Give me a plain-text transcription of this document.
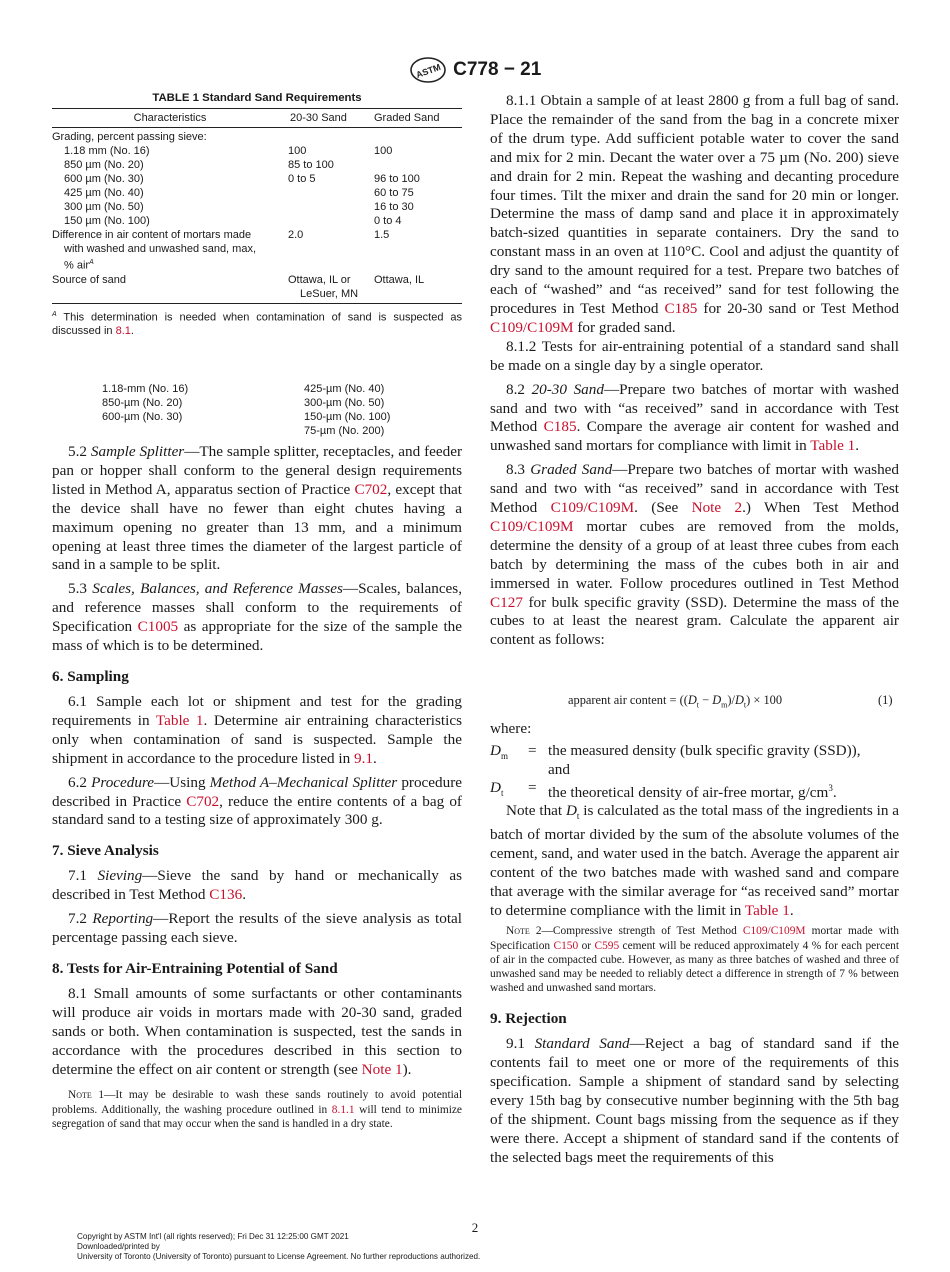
ASTM C778 − 21

TABLE 1 Standard Sand Requirements

Characteristics	20-30 Sand	Graded Sand
Grading, percent passing sieve:		
1.18 mm (No. 16)	100	100
850 µm (No. 20)	85 to 100	
600 µm (No. 30)	0 to 5	96 to 100
425 µm (No. 40)		60 to 75
300 µm (No. 50)		16 to 30
150 µm (No. 100)		0 to 4

Difference in air content of mortars made
with washed and unwashed sand, max,
% air$^A$	2.0	1.5
Source of sand	Ottawa, IL or
LeSuer, MN	Ottawa, IL

$^A$ This determination is needed when contamination of sand is suspected as discussed in 8.1.

1.18-mm (No. 16)
850-µm (No. 20)
600-µm (No. 30)
425-µm (No. 40)
300-µm (No. 50)
150-µm (No. 100)
75-µm (No. 200)

5.2 Sample Splitter—The sample splitter, receptacles, and feeder pan or hopper shall conform to the general design requirements listed in Method A, apparatus section of Practice C702, except that the device shall have no fewer than eight chutes having a maximum opening no greater than 13 mm, and a minimum opening at least three times the diameter of the largest particle of sand in a sample to be split.

5.3 Scales, Balances, and Reference Masses—Scales, balances, and reference masses shall conform to the requirements of Specification C1005 as appropriate for the size of the sample the mass of which is to be determined.

6. Sampling

6.1 Sample each lot or shipment and test for the grading requirements in Table 1. Determine air entraining characteristics only when contamination of sand is suspected. Sample the shipment in accordance to the procedure listed in 9.1.

6.2 Procedure—Using Method A–Mechanical Splitter procedure described in Practice C702, reduce the entire contents of a bag of standard sand to a testing size of approximately 300 g.

7. Sieve Analysis

7.1 Sieving—Sieve the sand by hand or mechanically as described in Test Method C136.

7.2 Reporting—Report the results of the sieve analysis as total percentage passing each sieve.

8. Tests for Air-Entraining Potential of Sand

8.1 Small amounts of some surfactants or other contaminants will produce air voids in mortars made with 20-30 sand, graded sands or both. When contamination is suspected, test the sands in accordance with the procedures described in this section to determine the effect on air content or strength (see Note 1).

Note 1—It may be desirable to wash these sands routinely to avoid potential problems. Additionally, the washing procedure outlined in 8.1.1 will tend to minimize segregation of sand that may occur when the sand is handled in a dry state.

8.1.1 Obtain a sample of at least 2800 g from a full bag of sand. Place the remainder of the sand from the bag in a concrete mixer of the drum type. Add sufficient potable water to cover the sand and mix for 2 min. Decant the water over a 75 µm (No. 200) sieve and drain for 2 min. Repeat the washing and decanting procedure four times. Tilt the mixer and drain the sand for 20 min or longer. Determine the mass of damp sand and place it in approximately batch-sized quantities in separate containers. Dry the sand to constant mass in an oven at 110°C. Cool and adjust the quantity of dry sand to the amount required for a test. Prepare two batches of each of “washed” and “as received” sand for test following the procedures in Test Method C185 for 20-30 sand or Test Method C109/C109M for graded sand.

8.1.2 Tests for air-entraining potential of a standard sand shall be made on a single day by a single operator.

8.2 20-30 Sand—Prepare two batches of mortar with washed sand and two with “as received” sand in accordance with Test Method C185. Compare the average air content for washed and unwashed sand mortars for compliance with limit in Table 1.

8.3 Graded Sand—Prepare two batches of mortar with washed sand and two with “as received” sand in accordance with Test Method C109/C109M. (See Note 2.) When Test Method C109/C109M mortar cubes are removed from the molds, determine the density of a group of at least three cubes from each batch by determining the mass of the cubes both in air and immersed in water. Follow procedures outlined in Test Method C127 for bulk specific gravity (SSD). Determine the mass of the cubes to at least the nearest gram. Calculate the apparent air content as follows:

apparent air content = $((D_t - D_m)/D_t) \times 100$	(1)
where:
$D_m$ = the measured density (bulk specific gravity (SSD)),
and
$D_t$ = the theoretical density of air-free mortar, $g/cm^3$.

Note that $D_t$ is calculated as the total mass of the ingredients in a batch of mortar divided by the sum of the absolute volumes of the cement, sand, and water used in the batch. Average the apparent air content of the two batches made with washed sand and compare that average with the similar average for “as received sand” mortar to determine compliance with the limit in Table 1.

Note 2—Compressive strength of Test Method C109/C109M mortar made with Specification C150 or C595 cement will be reduced approximately 4 % for each percent of air in the compacted cube. However, as many as three batches of washed and three of unwashed sand may be needed to reliably detect a difference in strength of 7 % between washed and unwashed sand mortars.

9. Rejection

9.1 Standard Sand—Reject a bag of standard sand if the contents fail to meet one or more of the requirements of this specification. Sample a shipment of standard sand by selecting every 15th bag by consecutive number beginning with the 5th bag of the shipment. Count bags missing from the sequence as if they were there. Accept a shipment of standard sand if the contents of the selected bags meet the requirements of this

2
Copyright by ASTM Int'l (all rights reserved); Fri Dec 31 12:25:00 GMT 2021
Downloaded/printed by
University of Toronto (University of Toronto) pursuant to License Agreement. No further reproductions authorized.
